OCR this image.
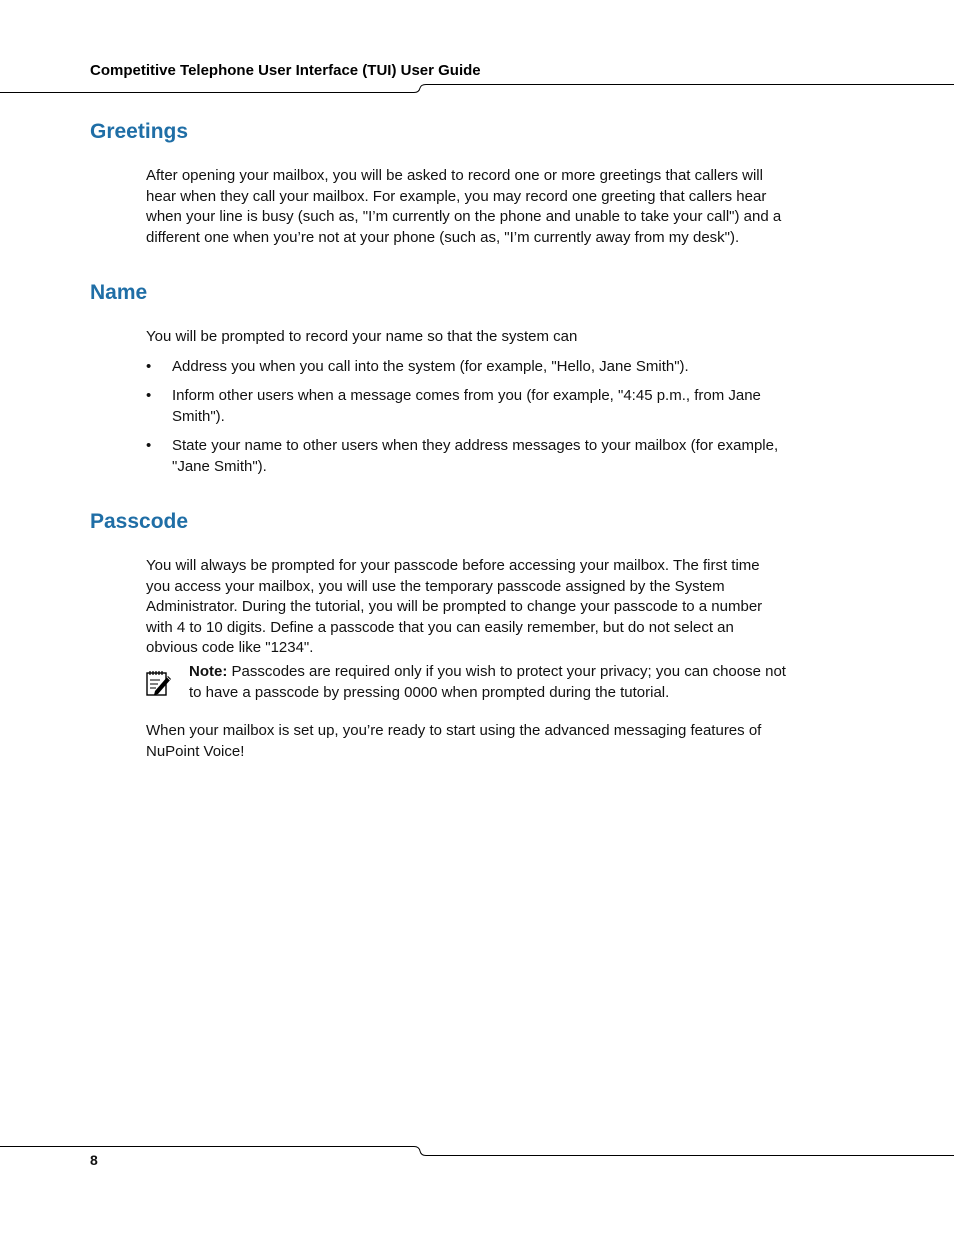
Competitive Telephone User Interface (TUI) User Guide
Greetings

After opening your mailbox, you will be asked to record one or more greetings that callers will hear when they call your mailbox. For example, you may record one greeting that callers hear when your line is busy (such as, "I’m currently on the phone and unable to take your call") and a different one when you’re not at your phone (such as, "I’m currently away from my desk").

Name

You will be prompted to record your name so that the system can

• Address you when you call into the system (for example, "Hello, Jane Smith").
• Inform other users when a message comes from you (for example, "4:45 p.m., from Jane Smith").
• State your name to other users when they address messages to your mailbox (for example, "Jane Smith").
Passcode

You will always be prompted for your passcode before accessing your mailbox. The first time you access your mailbox, you will use the temporary passcode assigned by the System Administrator. During the tutorial, you will be prompted to change your passcode to a number with 4 to 10 digits. Define a passcode that you can easily remember, but do not select an obvious code like "1234".

Note: Passcodes are required only if you wish to protect your privacy; you can choose not to have a passcode by pressing 0000 when prompted during the tutorial.

When your mailbox is set up, you’re ready to start using the advanced messaging features of NuPoint Voice!

8
